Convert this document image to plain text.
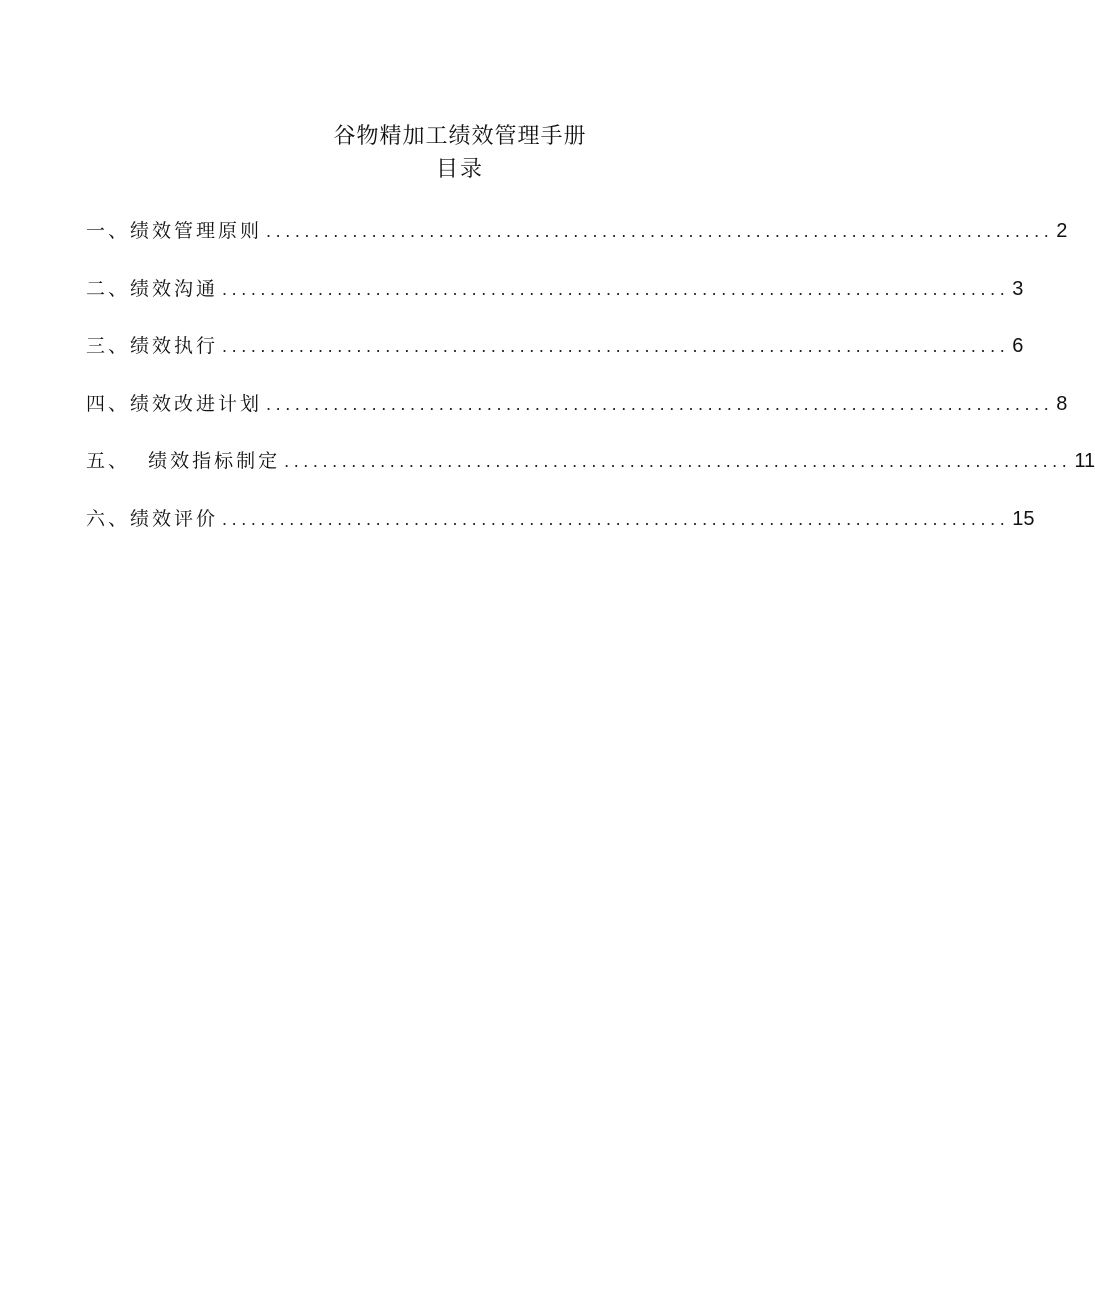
谷物精加工绩效管理手册
目录
一、绩效管理原则 .................................................................................. 2
二、绩效沟通 .................................................................................. 3
三、绩效执行 .................................................................................. 6
四、绩效改进计划 .................................................................................. 8
五、  绩效指标制定 .................................................................................. 11
六、绩效评价 .................................................................................. 15
